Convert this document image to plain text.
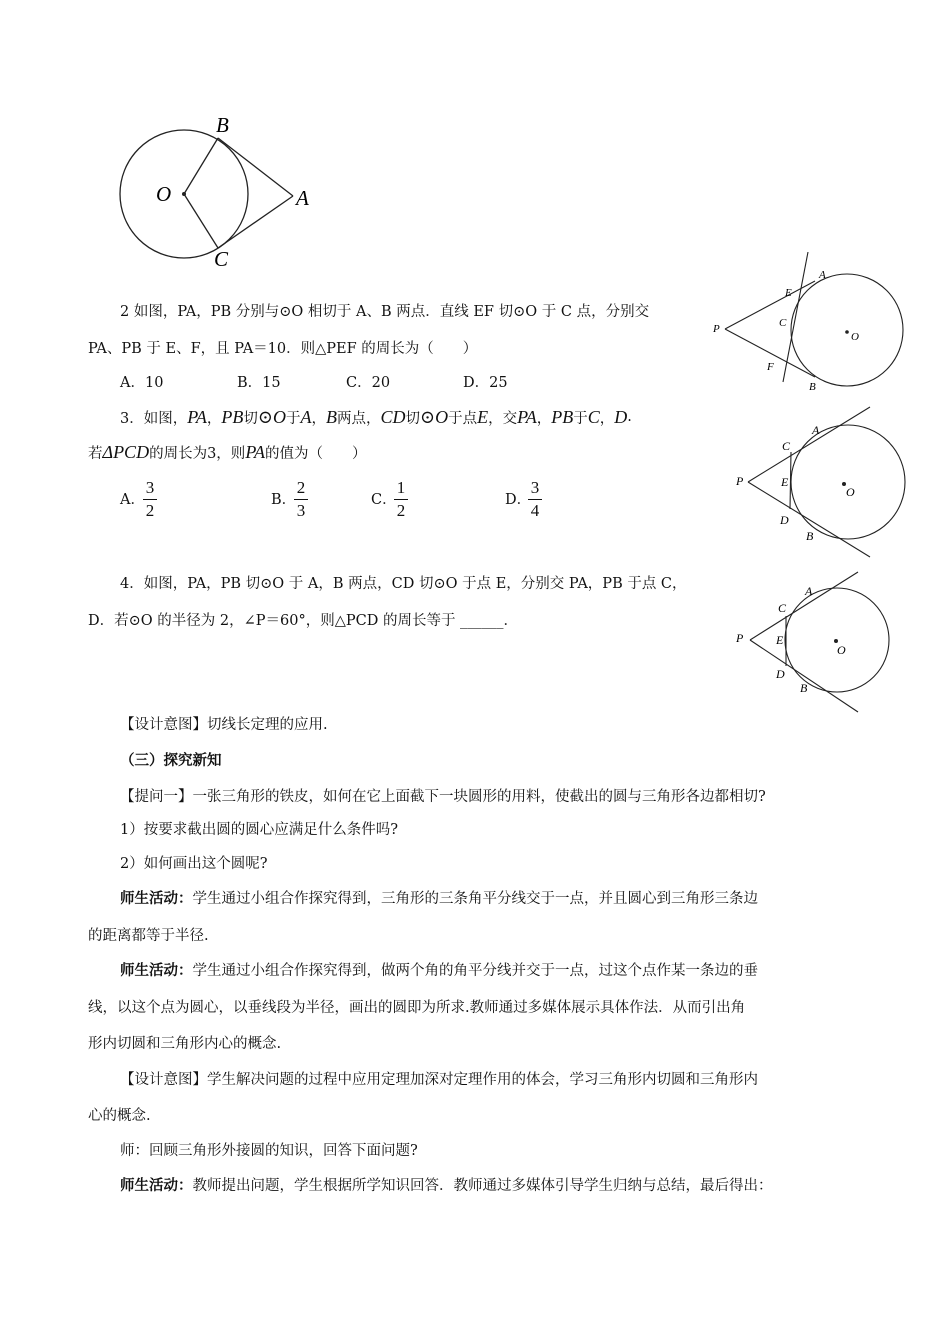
B
O	A
C
2 如图，PA，PB 分别与⊙O 相切于 A、B 两点．直线 EF 切⊙O 于 C 点，分别交
PA、PB 于 E、F，且 PA＝10．则△PEF 的周长为（　　）
A．10	B．15	C．20	D．25
P
E
A
C
O
F
B
3．如图， PA ， PB 切 ⊙ O 于 A ， B 两点， CD 切 ⊙ O 于点 E ，交 PA ， PB 于 C ， D .
若 ΔPCD 的周长为3，则 PA 的值为（　　）
A．
3
2
B．
2
3
C．
1
2
D．
3
4
P
C
A
E
O
D
B
4．如图，PA，PB 切⊙O 于 A，B 两点，CD 切⊙O 于点 E，分别交 PA，PB 于点 C，
D．若⊙O 的半径为 2，∠P＝60°，则△PCD 的周长等于 ______．
P
C
A
E
O
D
B
【设计意图】切线长定理的应用.
（三）探究新知
【提问一】一张三角形的铁皮，如何在它上面截下一块圆形的用料，使截出的圆与三角形各边都相切?
1）按要求截出圆的圆心应满足什么条件吗?
2）如何画出这个圆呢?
师生活动：学生通过小组合作探究得到，三角形的三条角平分线交于一点，并且圆心到三角形三条边
的距离都等于半径.
师生活动：学生通过小组合作探究得到，做两个角的角平分线并交于一点，过这个点作某一条边的垂
线，以这个点为圆心，以垂线段为半径，画出的圆即为所求.教师通过多媒体展示具体作法．从而引出角
形内切圆和三角形内心的概念.
【设计意图】学生解决问题的过程中应用定理加深对定理作用的体会，学习三角形内切圆和三角形内
心的概念.
师：回顾三角形外接圆的知识，回答下面问题?
师生活动：教师提出问题，学生根据所学知识回答．教师通过多媒体引导学生归纳与总结，最后得出：
